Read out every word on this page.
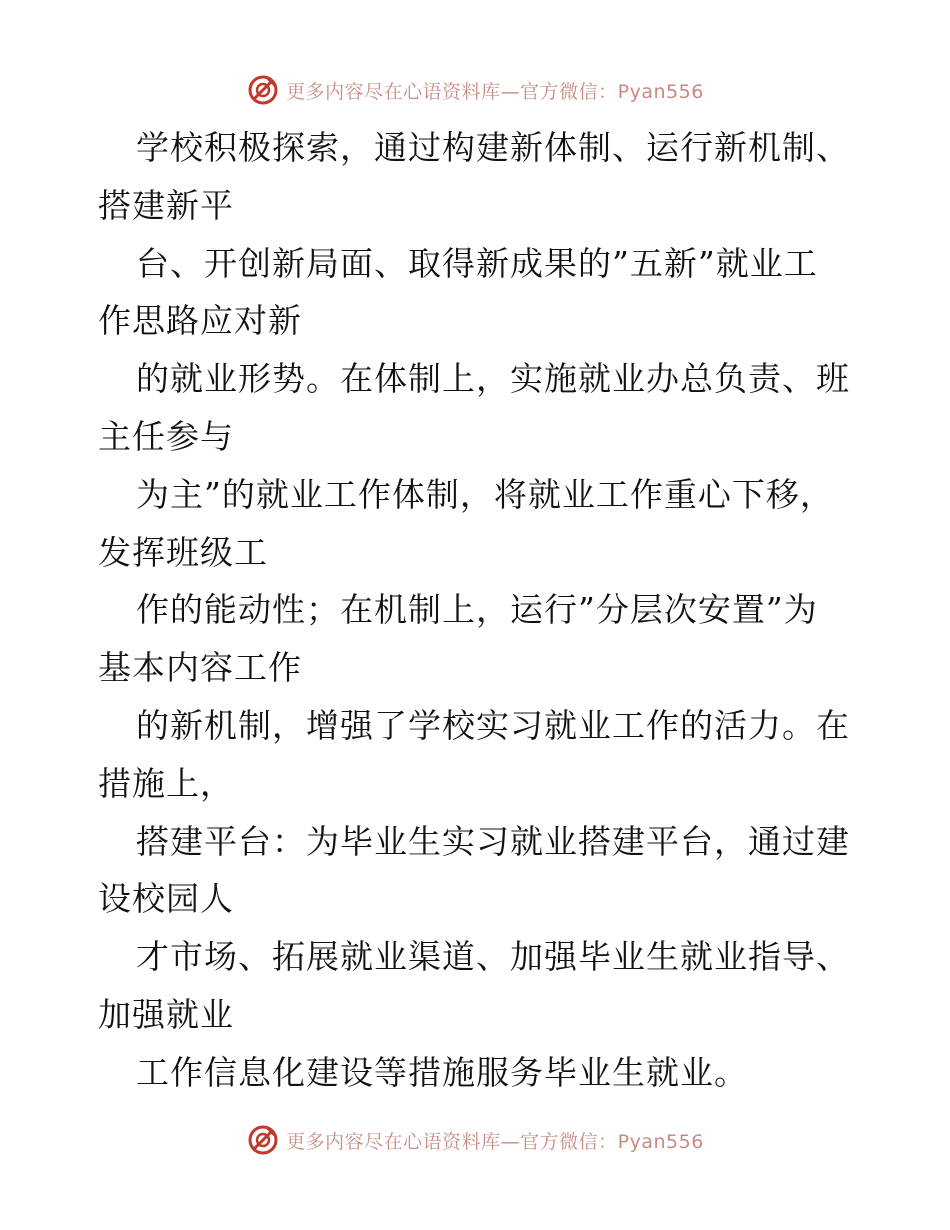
更多内容尽在心语资料库—官方微信：Pyan556
学校积极探索，通过构建新体制、运行新机制、
搭建新平
台、开创新局面、取得新成果的”五新”就业工
作思路应对新
的就业形势。在体制上，实施就业办总负责、班
主任参与
为主”的就业工作体制，将就业工作重心下移，
发挥班级工
作的能动性；在机制上，运行”分层次安置”为
基本内容工作
的新机制，增强了学校实习就业工作的活力。在
措施上，
搭建平台：为毕业生实习就业搭建平台，通过建
设校园人
才市场、拓展就业渠道、加强毕业生就业指导、
加强就业
工作信息化建设等措施服务毕业生就业。
更多内容尽在心语资料库—官方微信：Pyan556
